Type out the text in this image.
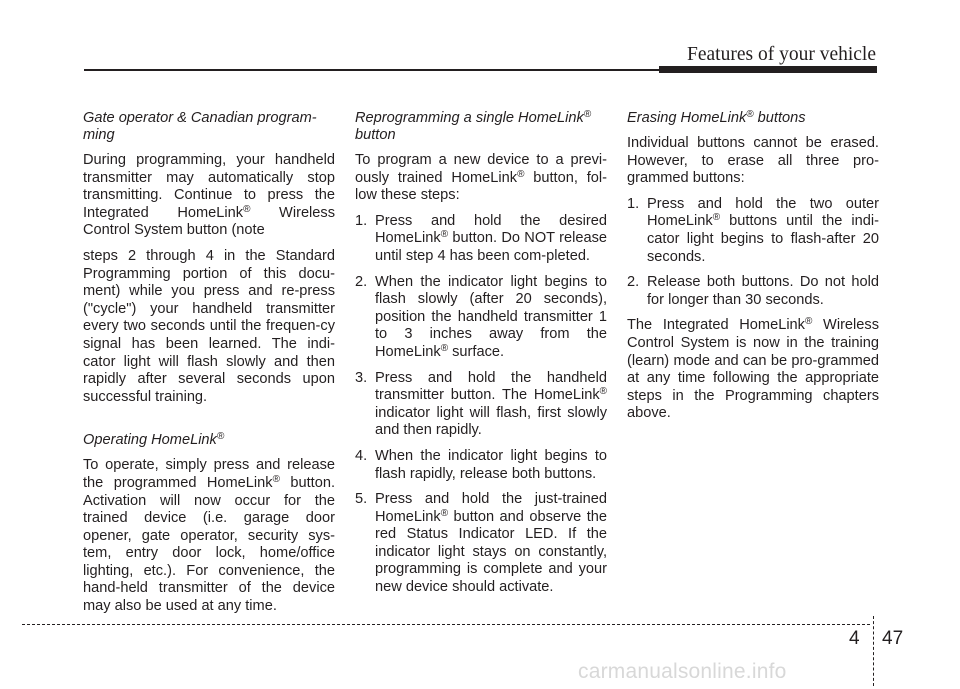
Features of your vehicle

Gate operator & Canadian program-ming

During programming, your handheld transmitter may automatically stop transmitting. Continue to press the Integrated HomeLink® Wireless Control System button (note

steps 2 through 4 in the Standard Programming portion of this docu-ment) while you press and re-press ("cycle") your handheld transmitter every two seconds until the frequen-cy signal has been learned. The indi-cator light will flash slowly and then rapidly after several seconds upon successful training.

Operating HomeLink®

To operate, simply press and release the programmed HomeLink® button. Activation will now occur for the trained device (i.e. garage door opener, gate operator, security sys-tem, entry door lock, home/office lighting, etc.). For convenience, the hand-held transmitter of the device may also be used at any time.

Reprogramming a single HomeLink®
button

To program a new device to a previ-ously trained HomeLink® button, fol-low these steps:

1. Press and hold the desired HomeLink® button. Do NOT release until step 4 has been com-pleted.
2. When the indicator light begins to flash slowly (after 20 seconds), position the handheld transmitter 1 to 3 inches away from the HomeLink® surface.
3. Press and hold the handheld transmitter button. The HomeLink® indicator light will flash, first slowly and then rapidly.
4. When the indicator light begins to flash rapidly, release both buttons.
5. Press and hold the just-trained HomeLink® button and observe the red Status Indicator LED. If the indicator light stays on constantly, programming is complete and your new device should activate.

Erasing HomeLink® buttons

Individual buttons cannot be erased. However, to erase all three pro-grammed buttons:

1. Press and hold the two outer HomeLink® buttons until the indi-cator light begins to flash-after 20 seconds.
2. Release both buttons. Do not hold for longer than 30 seconds.

The Integrated HomeLink® Wireless Control System is now in the training (learn) mode and can be pro-grammed at any time following the appropriate steps in the Programming chapters above.

4 47
carmanualsonline.info
